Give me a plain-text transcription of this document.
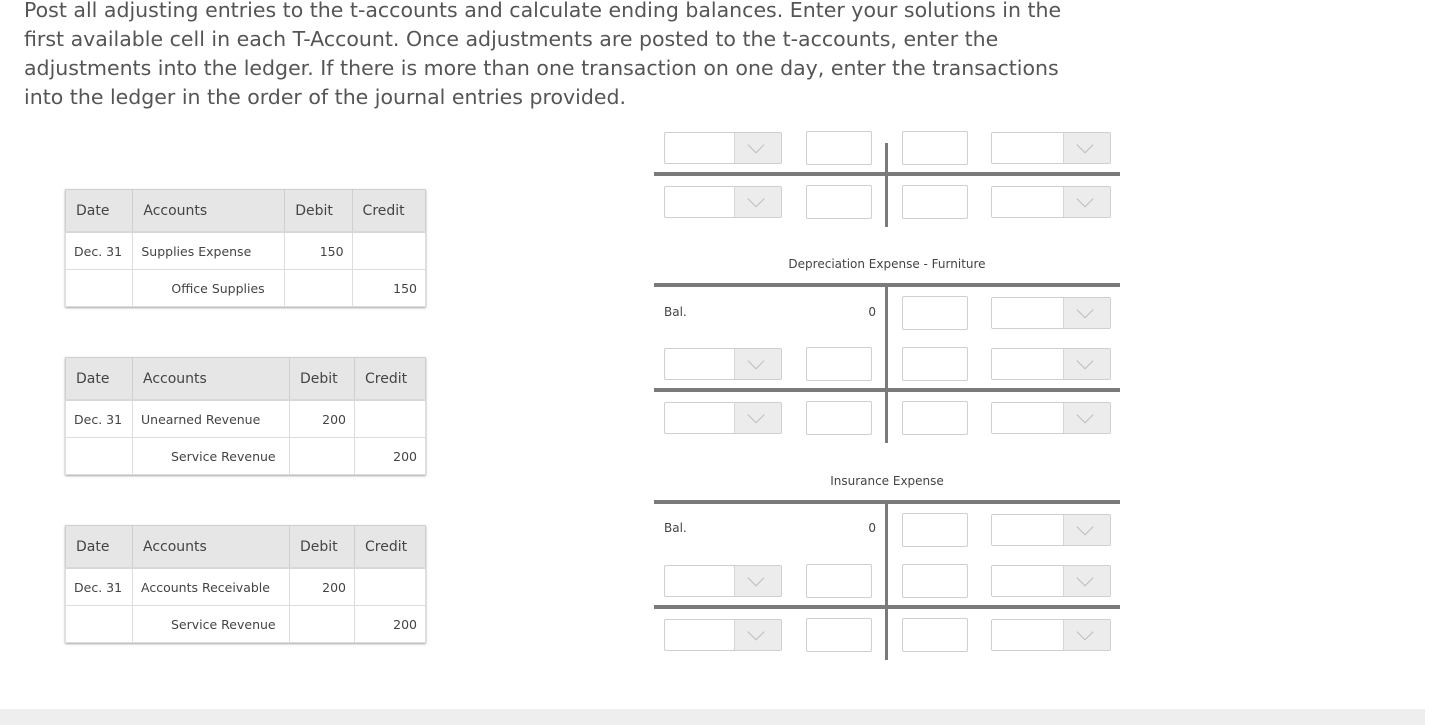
Post all adjusting entries to the t-accounts and calculate ending balances. Enter your solutions in the first available cell in each T-Account. Once adjustments are posted to the t-accounts, enter the adjustments into the ledger. If there is more than one transaction on one day, enter the transactions into the ledger in the order of the journal entries provided.

Date	Accounts	Debit	Credit
Dec. 31	Supplies Expense	150	
	Office Supplies		150
Date	Accounts	Debit	Credit
Dec. 31	Unearned Revenue	200	
	Service Revenue		200
Date	Accounts	Debit	Credit
Dec. 31	Accounts Receivable	200	
	Service Revenue		200
Depreciation Expense - Furniture
Bal.	0
Insurance Expense
Bal.	0
